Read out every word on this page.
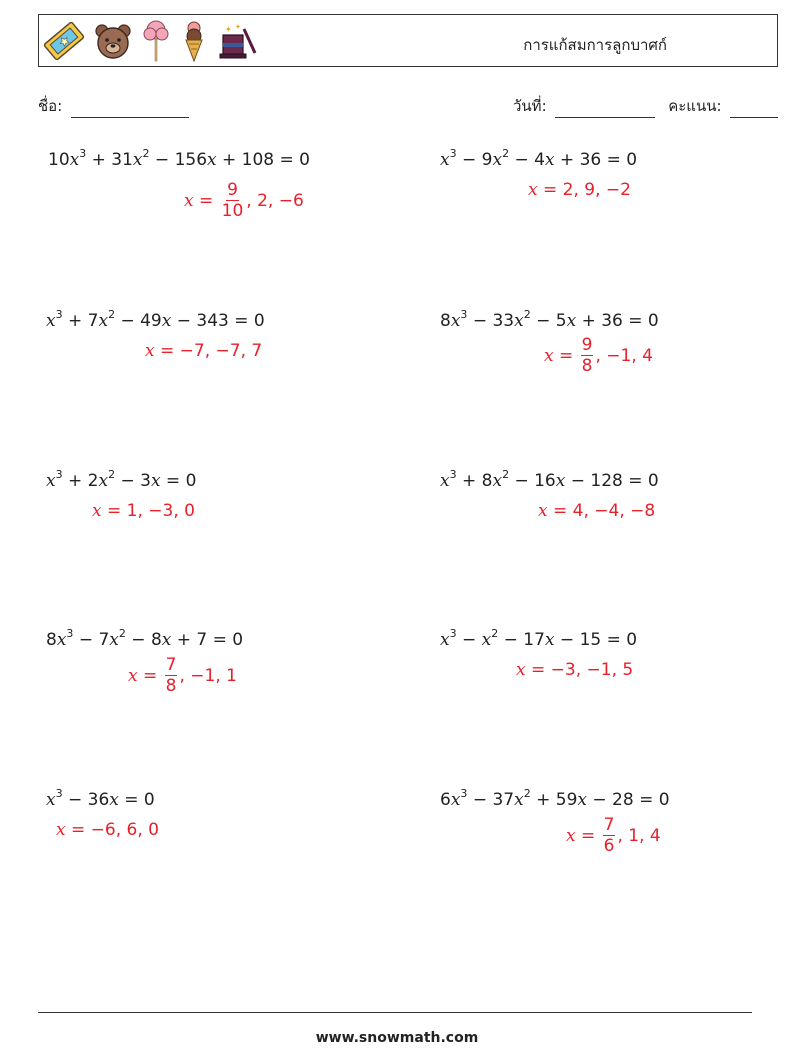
✦ ✦
การแก้สมการลูกบาศก์
ชื่อ:	วันที่:	คะแนน:
$10x^3 + 31x^2 - 156x + 108 = 0$
$x = \frac{9}{10}$ , 2, −6
$x^3 - 9x^2 - 4x + 36 = 0$
x = 2, 9, −2
$x^3 + 7x^2 - 49x - 343 = 0$
x = −7, −7, 7
$8x^3 - 33x^2 - 5x + 36 = 0$
$x = \frac{9}{8}$ , −1, 4
$x^3 + 2x^2 - 3x = 0$
x = 1, −3, 0
$x^3 + 8x^2 - 16x - 128 = 0$
x = 4, −4, −8
$8x^3 - 7x^2 - 8x + 7 = 0$
$x = \frac{7}{8}$ , −1, 1
$x^3 - x^2 - 17x - 15 = 0$
x = −3, −1, 5
$x^3 - 36x = 0$
x = −6, 6, 0
$6x^3 - 37x^2 + 59x - 28 = 0$
$x = \frac{7}{6}$ , 1, 4
www.snowmath.com
